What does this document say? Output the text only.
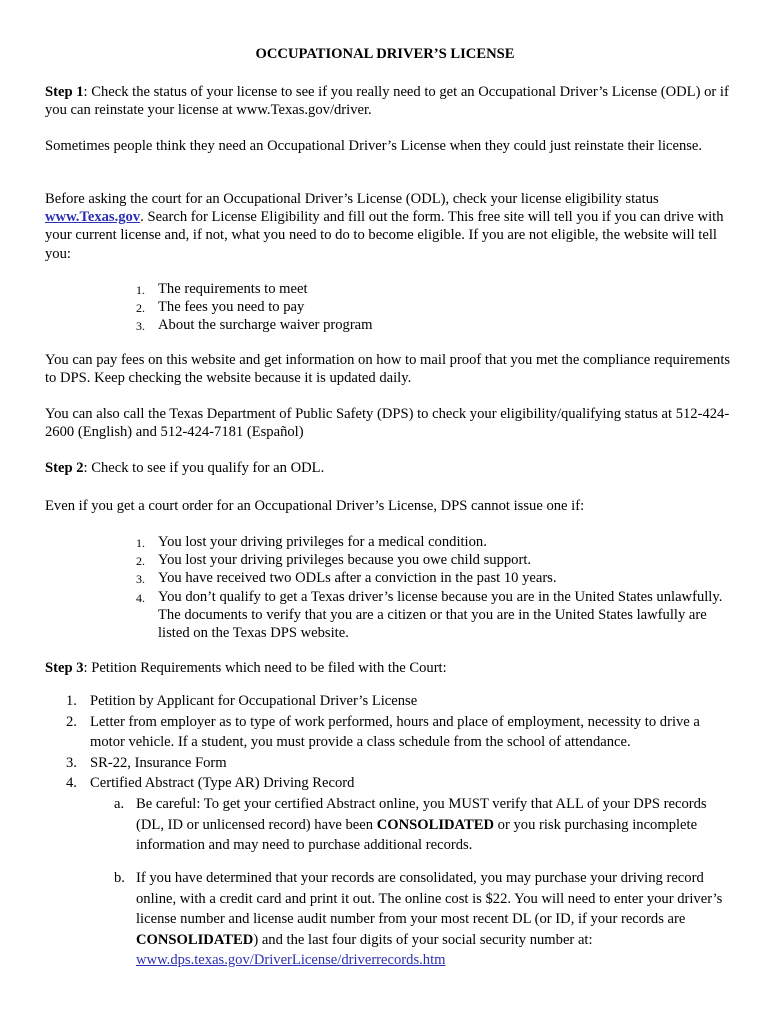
OCCUPATIONAL DRIVER’S LICENSE

Step 1: Check the status of your license to see if you really need to get an Occupational Driver’s License (ODL) or if you can reinstate your license at www.Texas.gov/driver.

Sometimes people think they need an Occupational Driver’s License when they could just reinstate their license.

Before asking the court for an Occupational Driver’s License (ODL), check your license eligibility status www.Texas.gov. Search for License Eligibility and fill out the form. This free site will tell you if you can drive with your current license and, if not, what you need to do to become eligible. If you are not eligible, the website will tell you:

1. The requirements to meet
2. The fees you need to pay
3. About the surcharge waiver program

You can pay fees on this website and get information on how to mail proof that you met the compliance requirements to DPS. Keep checking the website because it is updated daily.

You can also call the Texas Department of Public Safety (DPS) to check your eligibility/qualifying status at 512-424-2600 (English) and 512-424-7181 (Español)

Step 2: Check to see if you qualify for an ODL.

Even if you get a court order for an Occupational Driver’s License, DPS cannot issue one if:

1. You lost your driving privileges for a medical condition.
2. You lost your driving privileges because you owe child support.
3. You have received two ODLs after a conviction in the past 10 years.
4. You don’t qualify to get a Texas driver’s license because you are in the United States unlawfully. The documents to verify that you are a citizen or that you are in the United States lawfully are listed on the Texas DPS website.

Step 3: Petition Requirements which need to be filed with the Court:

1. Petition by Applicant for Occupational Driver’s License
2. Letter from employer as to type of work performed, hours and place of employment, necessity to drive a motor vehicle. If a student, you must provide a class schedule from the school of attendance.
3. SR-22, Insurance Form
4. Certified Abstract (Type AR) Driving Record
a. Be careful: To get your certified Abstract online, you MUST verify that ALL of your DPS records (DL, ID or unlicensed record) have been CONSOLIDATED or you risk purchasing incomplete information and may need to purchase additional records.
b. If you have determined that your records are consolidated, you may purchase your driving record online, with a credit card and print it out. The online cost is $22. You will need to enter your driver’s license number and license audit number from your most recent DL (or ID, if your records are CONSOLIDATED) and the last four digits of your social security number at:
www.dps.texas.gov/DriverLicense/driverrecords.htm
